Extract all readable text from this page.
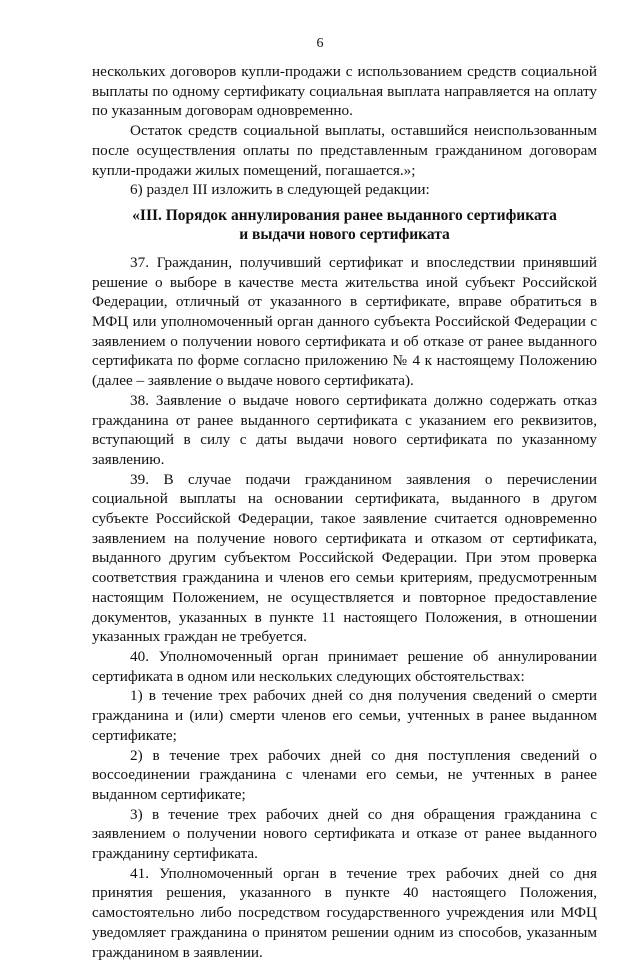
6

нескольких договоров купли-продажи с использованием средств социальной выплаты по одному сертификату социальная выплата направляется на оплату по указанным договорам одновременно.

Остаток средств социальной выплаты, оставшийся неиспользованным после осуществления оплаты по представленным гражданином договорам купли-продажи жилых помещений, погашается.»;

6) раздел III изложить в следующей редакции:

«III. Порядок аннулирования ранее выданного сертификата
и выдачи нового сертификата

37. Гражданин, получивший сертификат и впоследствии принявший решение о выборе в качестве места жительства иной субъект Российской Федерации, отличный от указанного в сертификате, вправе обратиться в МФЦ или уполномоченный орган данного субъекта Российской Федерации с заявлением о получении нового сертификата и об отказе от ранее выданного сертификата по форме согласно приложению № 4 к настоящему Положению (далее – заявление о выдаче нового сертификата).

38. Заявление о выдаче нового сертификата должно содержать отказ гражданина от ранее выданного сертификата с указанием его реквизитов, вступающий в силу с даты выдачи нового сертификата по указанному заявлению.

39. В случае подачи гражданином заявления о перечислении социальной выплаты на основании сертификата, выданного в другом субъекте Российской Федерации, такое заявление считается одновременно заявлением на получение нового сертификата и отказом от сертификата, выданного другим субъектом Российской Федерации. При этом проверка соответствия гражданина и членов его семьи критериям, предусмотренным настоящим Положением, не осуществляется и повторное предоставление документов, указанных в пункте 11 настоящего Положения, в отношении указанных граждан не требуется.

40. Уполномоченный орган принимает решение об аннулировании сертификата в одном или нескольких следующих обстоятельствах:

1) в течение трех рабочих дней со дня получения сведений о смерти гражданина и (или) смерти членов его семьи, учтенных в ранее выданном сертификате;

2) в течение трех рабочих дней со дня поступления сведений о воссоединении гражданина с членами его семьи, не учтенных в ранее выданном сертификате;

3) в течение трех рабочих дней со дня обращения гражданина с заявлением о получении нового сертификата и отказе от ранее выданного гражданину сертификата.

41. Уполномоченный орган в течение трех рабочих дней со дня принятия решения, указанного в пункте 40 настоящего Положения, самостоятельно либо посредством государственного учреждения или МФЦ уведомляет гражданина о принятом решении одним из способов, указанным гражданином в заявлении.
